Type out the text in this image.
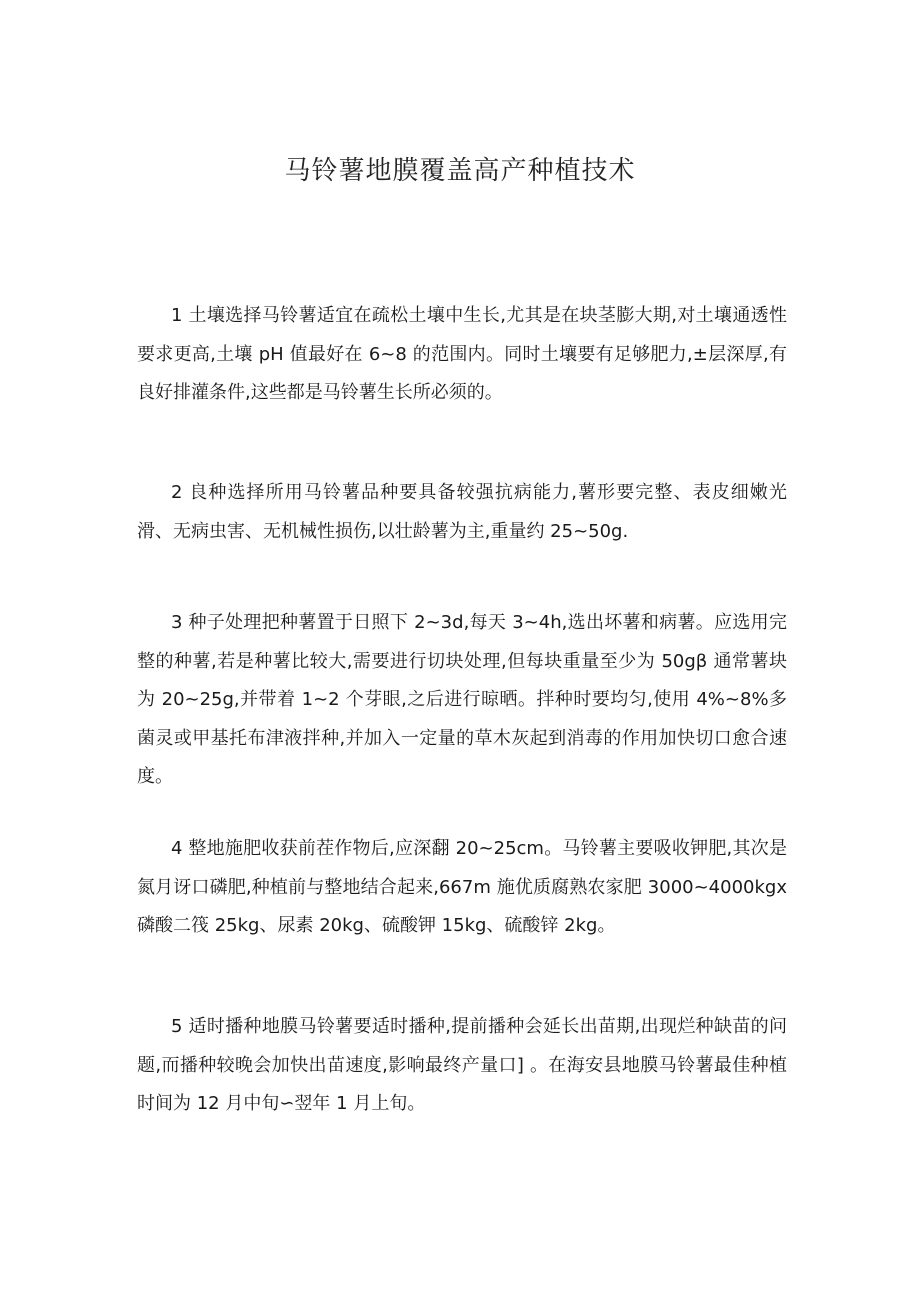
马铃薯地膜覆盖高产种植技术

1 土壤选择马铃薯适宜在疏松土壤中生长,尤其是在块茎膨大期,对土壤通透性要求更高,土壤 pH 值最好在 6~8 的范围内。同时土壤要有足够肥力,±层深厚,有良好排灌条件,这些都是马铃薯生长所必须的。

2 良种选择所用马铃薯品种要具备较强抗病能力,薯形要完整、表皮细嫩光滑、无病虫害、无机械性损伤,以壮龄薯为主,重量约 25~50g.

3 种子处理把种薯置于日照下 2~3d,每天 3~4h,选出坏薯和病薯。应选用完整的种薯,若是种薯比较大,需要进行切块处理,但每块重量至少为 50gβ 通常薯块为 20~25g,并带着 1~2 个芽眼,之后进行晾晒。拌种时要均匀,使用 4%~8%多菌灵或甲基托布津液拌种,并加入一定量的草木灰起到消毒的作用加快切口愈合速度。

4 整地施肥收获前茬作物后,应深翻 20~25cm。马铃薯主要吸收钾肥,其次是氮月讶口磷肥,种植前与整地结合起来,667m 施优质腐熟农家肥 3000~4000kgx 磷酸二筏 25kg、尿素 20kg、硫酸钾 15kg、硫酸锌 2kg。

5 适时播种地膜马铃薯要适时播种,提前播种会延长出苗期,出现烂种缺苗的问题,而播种较晚会加快出苗速度,影响最终产量口] 。在海安县地膜马铃薯最佳种植时间为 12 月中旬∽翌年 1 月上旬。
